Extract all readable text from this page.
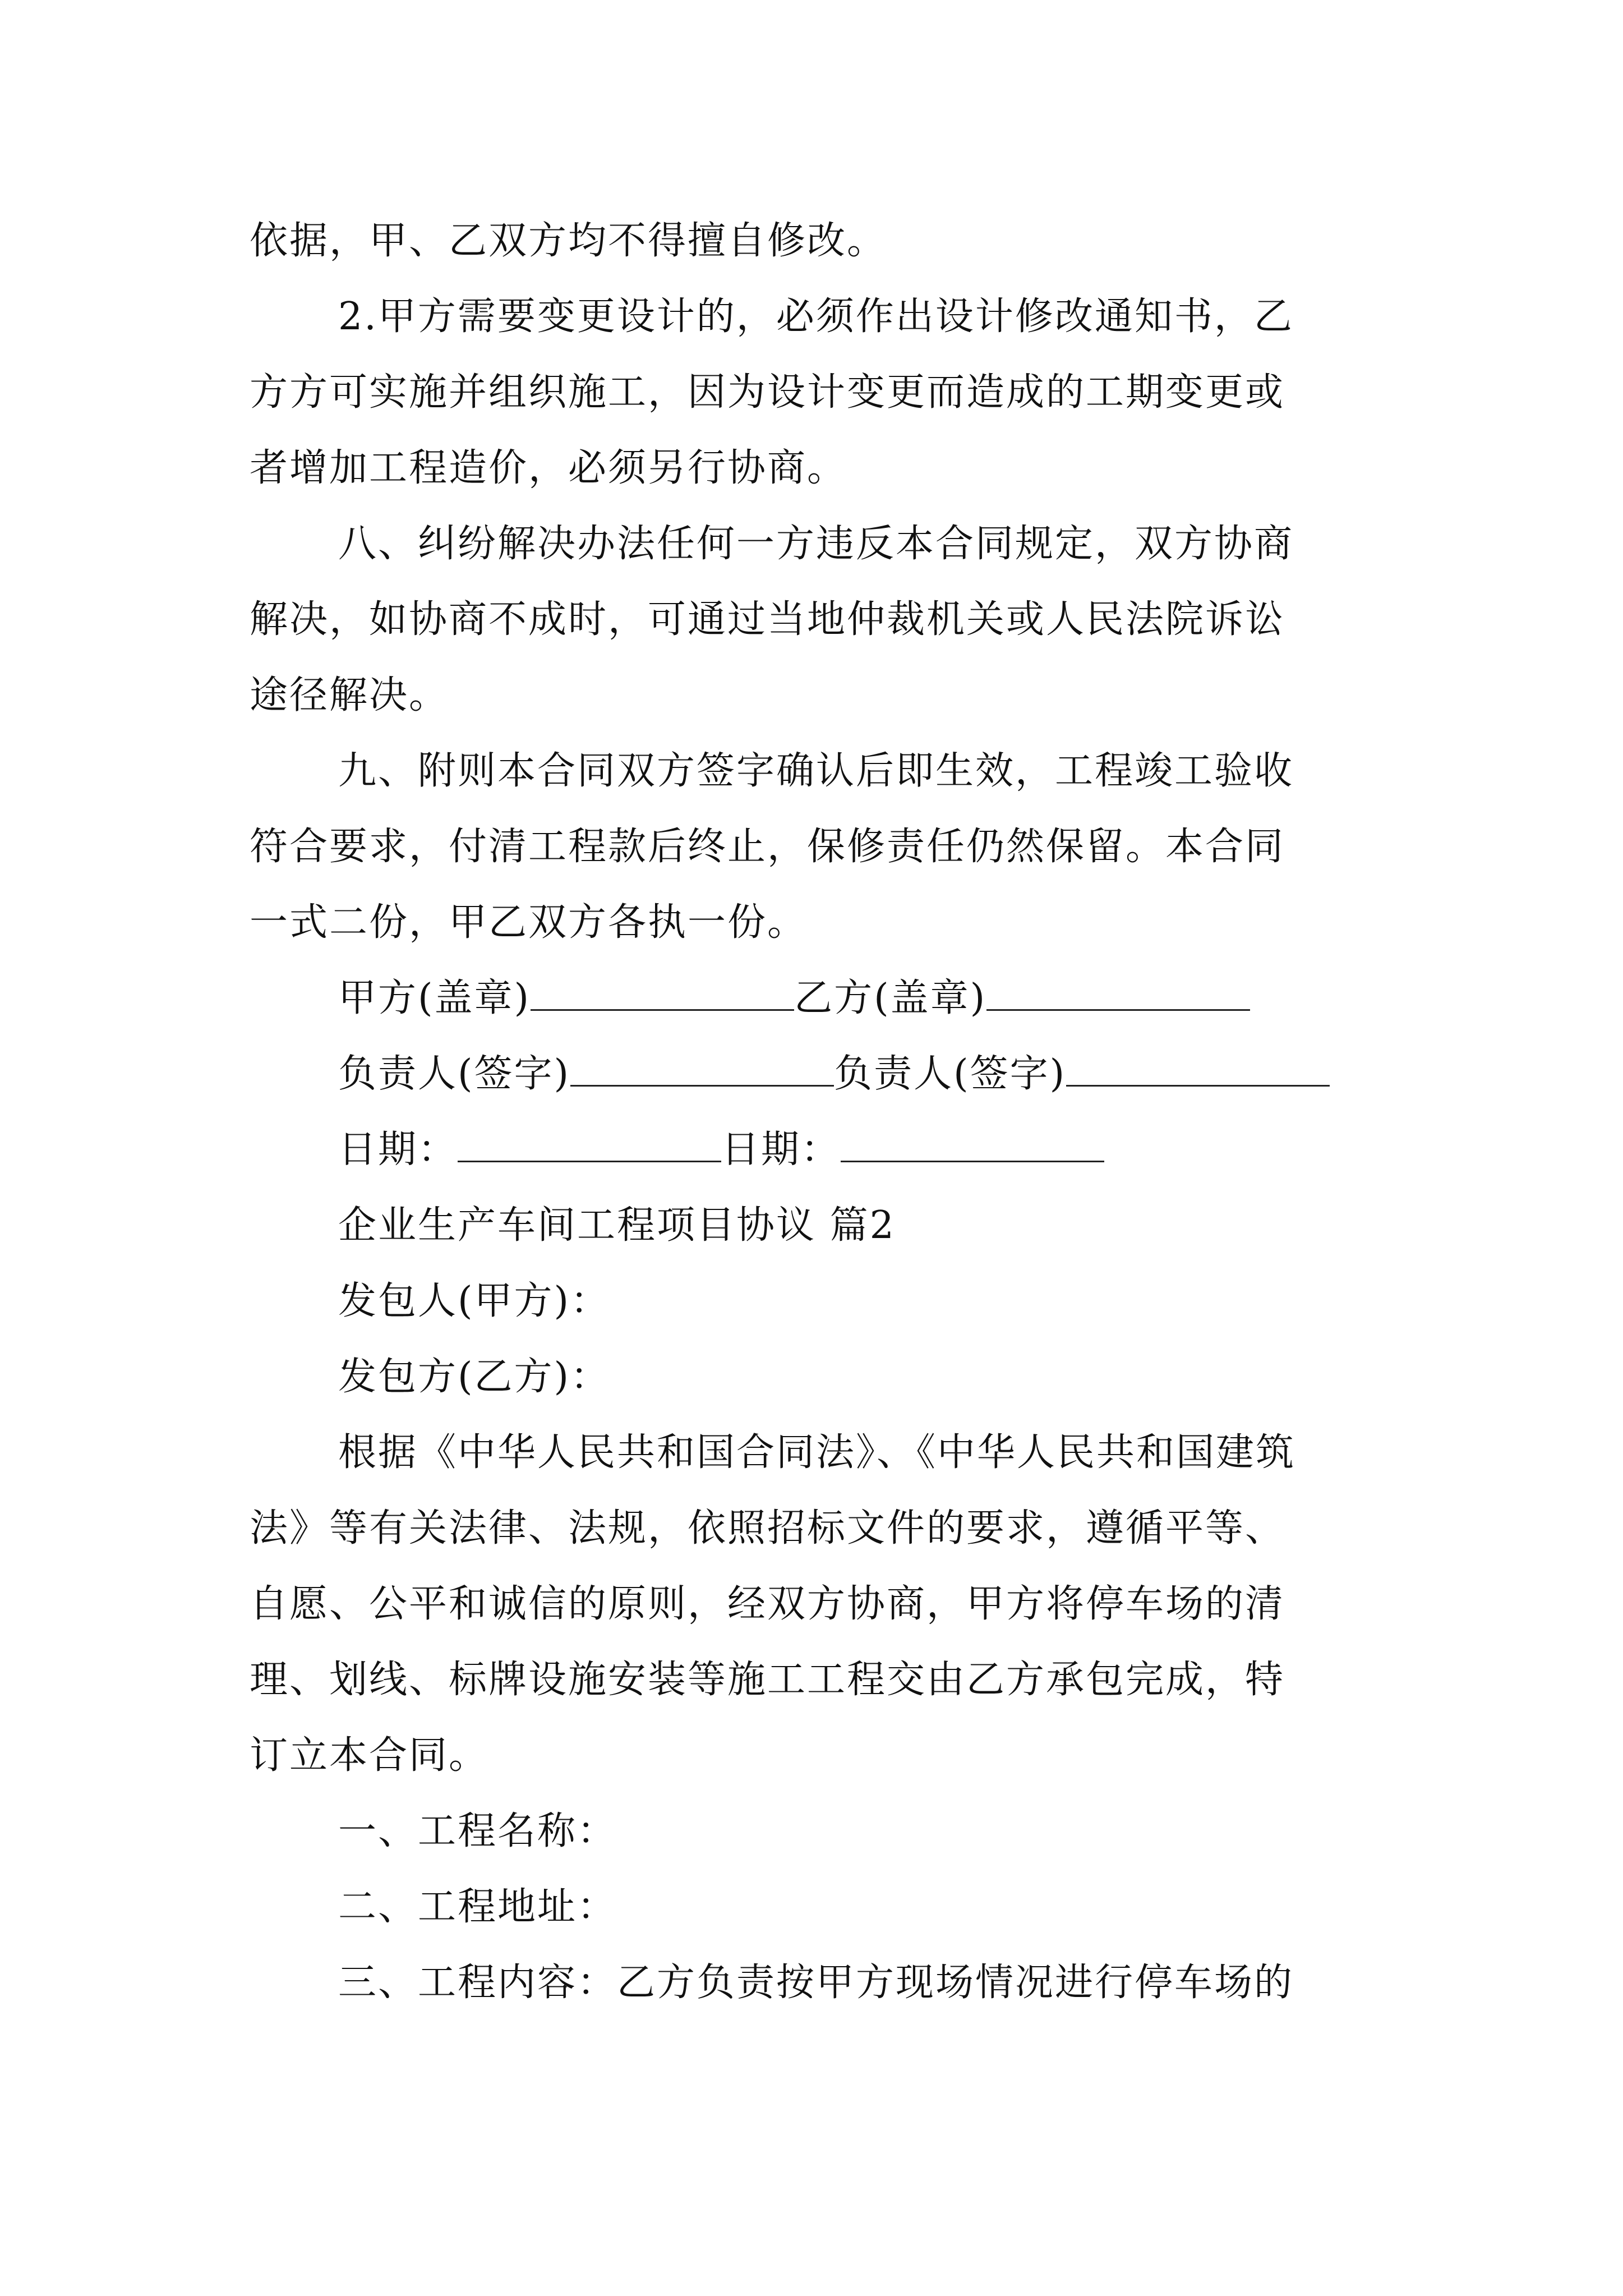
依据，甲、乙双方均不得擅自修改。
2.甲方需要变更设计的，必须作出设计修改通知书，乙
方方可实施并组织施工，因为设计变更而造成的工期变更或
者增加工程造价，必须另行协商。
八、纠纷解决办法任何一方违反本合同规定，双方协商
解决，如协商不成时，可通过当地仲裁机关或人民法院诉讼
途径解决。
九、附则本合同双方签字确认后即生效，工程竣工验收
符合要求，付清工程款后终止，保修责任仍然保留。本合同
一式二份，甲乙双方各执一份。
甲方(盖章)	乙方(盖章)
负责人(签字)	负责人(签字)
日期：	日期：
企业生产车间工程项目协议 篇2
发包人(甲方)：
发包方(乙方)：
根据《中华人民共和国合同法》、《中华人民共和国建筑
法》等有关法律、法规，依照招标文件的要求，遵循平等、
自愿、公平和诚信的原则，经双方协商，甲方将停车场的清
理、划线、标牌设施安装等施工工程交由乙方承包完成，特
订立本合同。
一、工程名称：
二、工程地址：
三、工程内容：乙方负责按甲方现场情况进行停车场的
